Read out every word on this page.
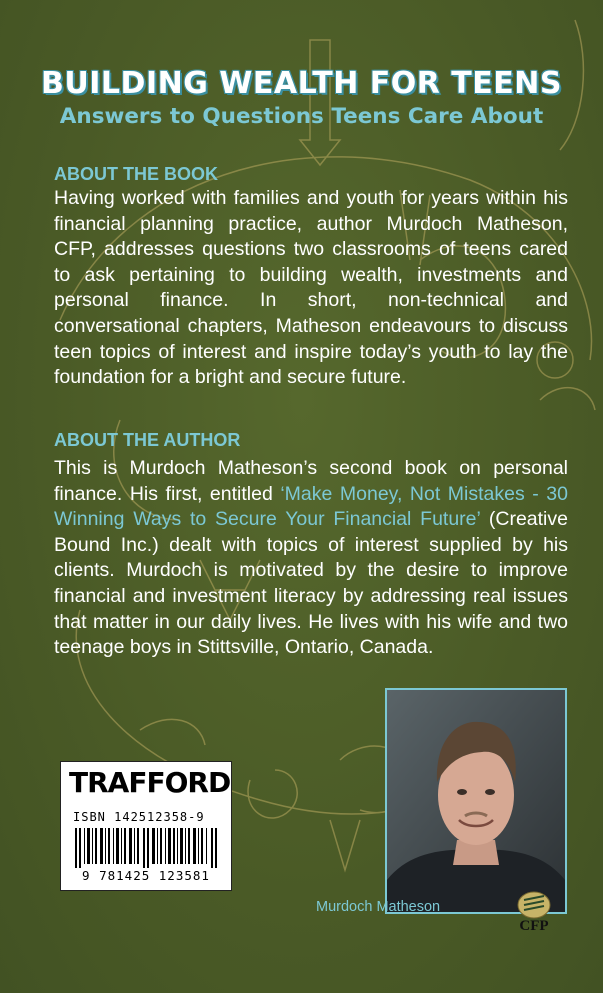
BUILDING WEALTH FOR TEENS
Answers to Questions Teens Care About
ABOUT THE BOOK
Having worked with families and youth for years within his financial planning practice, author Murdoch Matheson, CFP, addresses questions two classrooms of teens cared to ask pertaining to building wealth, investments and personal finance. In short, non-technical and conversational chapters, Matheson endeavours to discuss teen topics of interest and inspire today’s youth to lay the foundation for a bright and secure future.
ABOUT THE AUTHOR
This is Murdoch Matheson’s second book on personal finance. His first, entitled ‘Make Money, Not Mistakes - 30 Winning Ways to Secure Your Financial Future’ (Creative Bound Inc.) dealt with topics of interest supplied by his clients. Murdoch is motivated by the desire to improve financial and investment literacy by addressing real issues that matter in our daily lives. He lives with his wife and two teenage boys in Stittsville, Ontario, Canada.
TRAFFORD
ISBN 142512358-9
9 781425 123581
Murdoch Matheson
CFP
